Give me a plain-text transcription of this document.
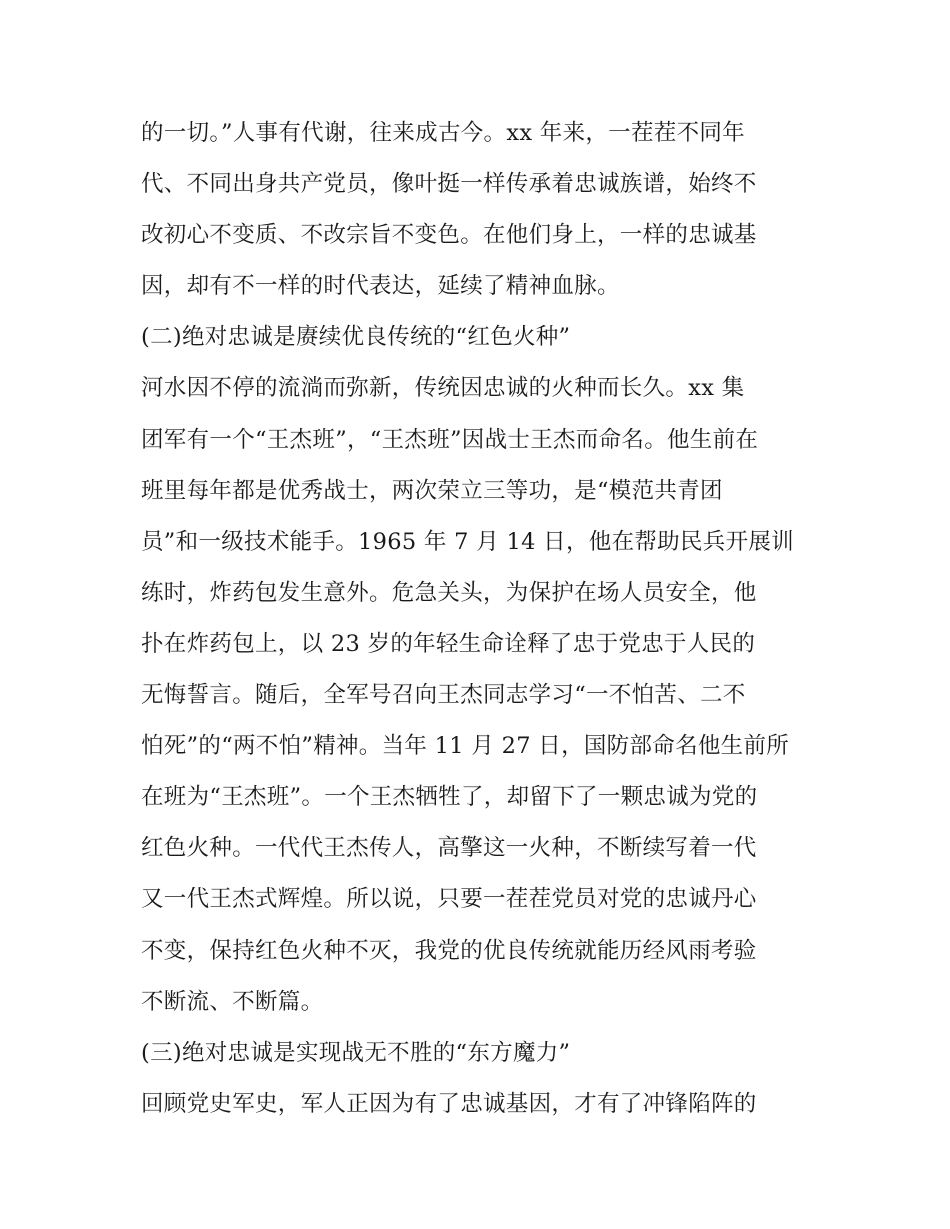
的一切。”人事有代谢，往来成古今。xx 年来，一茬茬不同年
代、不同出身共产党员，像叶挺一样传承着忠诚族谱，始终不
改初心不变质、不改宗旨不变色。在他们身上，一样的忠诚基
因，却有不一样的时代表达，延续了精神血脉。
(二)绝对忠诚是赓续优良传统的“红色火种”
河水因不停的流淌而弥新，传统因忠诚的火种而长久。xx 集
团军有一个“王杰班”，“王杰班”因战士王杰而命名。他生前在
班里每年都是优秀战士，两次荣立三等功，是“模范共青团
员”和一级技术能手。1965 年 7 月 14 日，他在帮助民兵开展训
练时，炸药包发生意外。危急关头，为保护在场人员安全，他
扑在炸药包上，以 23 岁的年轻生命诠释了忠于党忠于人民的
无悔誓言。随后，全军号召向王杰同志学习“一不怕苦、二不
怕死”的“两不怕”精神。当年 11 月 27 日，国防部命名他生前所
在班为“王杰班”。一个王杰牺牲了，却留下了一颗忠诚为党的
红色火种。一代代王杰传人，高擎这一火种，不断续写着一代
又一代王杰式辉煌。所以说，只要一茬茬党员对党的忠诚丹心
不变，保持红色火种不灭，我党的优良传统就能历经风雨考验
不断流、不断篇。
(三)绝对忠诚是实现战无不胜的“东方魔力”
回顾党史军史，军人正因为有了忠诚基因，才有了冲锋陷阵的
